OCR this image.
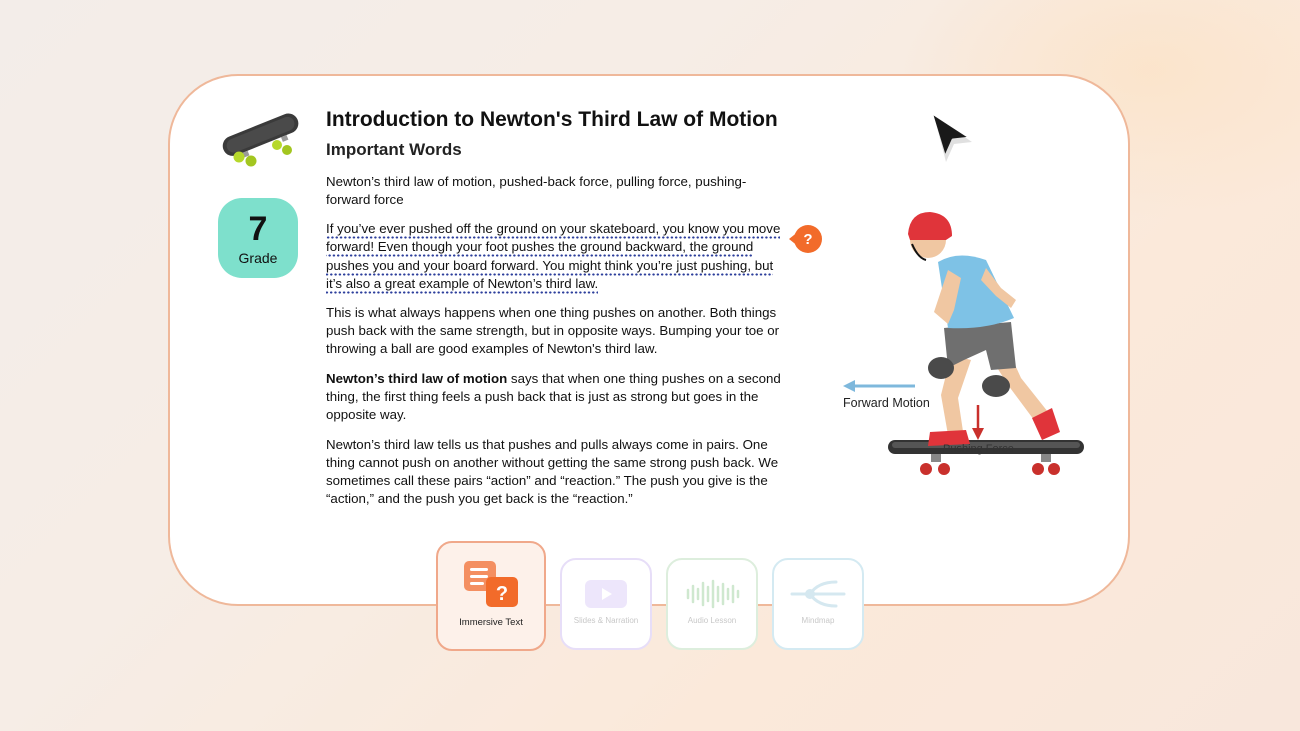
7
Grade
Introduction to Newton's Third Law of Motion
Important Words

Newton’s third law of motion, pushed-back force, pulling force, pushing-forward force

If you’ve ever pushed off the ground on your skateboard, you know you move forward! Even though your foot pushes the ground backward, the ground pushes you and your board forward. You might think you’re just pushing, but it’s also a great example of Newton’s third law.

This is what always happens when one thing pushes on another. Both things push back with the same strength, but in opposite ways. Bumping your toe or throwing a ball are good examples of Newton's third law.

Newton’s third law of motion says that when one thing pushes on a second thing, the first thing feels a push back that is just as strong but goes in the opposite way.

Newton’s third law tells us that pushes and pulls always come in pairs. One thing cannot push on another without getting the same strong push back. We sometimes call these pairs “action” and “reaction.” The push you give is the “action,” and the push you get back is the “reaction.”

?
Forward Motion
Pushing Force
?
Immersive Text	Slides & Narration	Audio Lesson	Mindmap
